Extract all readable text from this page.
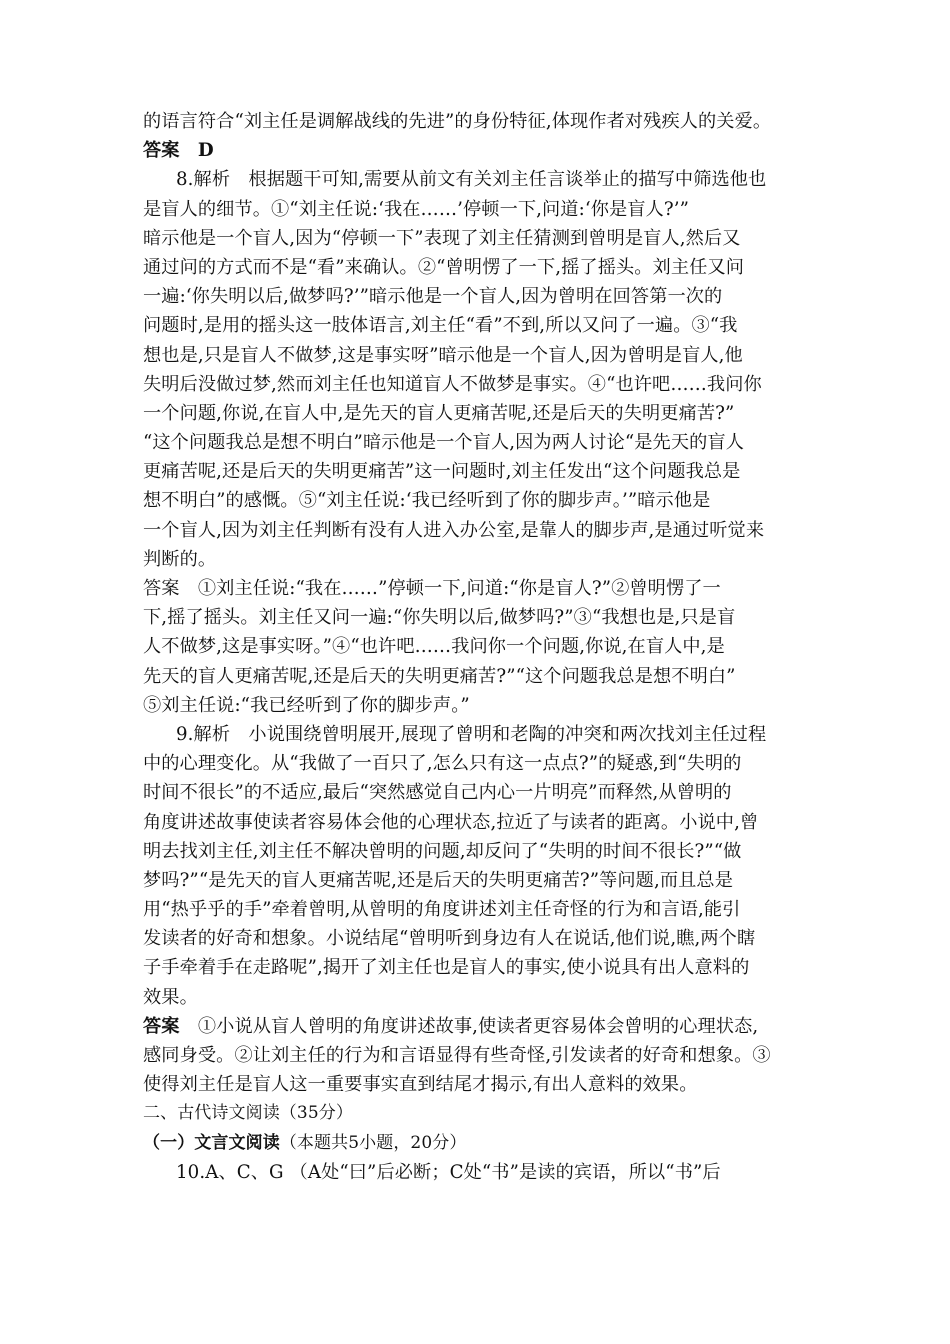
的语言符合“刘主任是调解战线的先进”的身份特征,体现作者对残疾人的关爱。
答案　D
8.解析　根据题干可知,需要从前文有关刘主任言谈举止的描写中筛选他也
是盲人的细节。①“刘主任说:‘我在……’停顿一下,问道:‘你是盲人?’”
暗示他是一个盲人,因为“停顿一下”表现了刘主任猜测到曾明是盲人,然后又
通过问的方式而不是“看”来确认。②“曾明愣了一下,摇了摇头。刘主任又问
一遍:‘你失明以后,做梦吗?’”暗示他是一个盲人,因为曾明在回答第一次的
问题时,是用的摇头这一肢体语言,刘主任“看”不到,所以又问了一遍。③“我
想也是,只是盲人不做梦,这是事实呀”暗示他是一个盲人,因为曾明是盲人,他
失明后没做过梦,然而刘主任也知道盲人不做梦是事实。④“也许吧……我问你
一个问题,你说,在盲人中,是先天的盲人更痛苦呢,还是后天的失明更痛苦?”
“这个问题我总是想不明白”暗示他是一个盲人,因为两人讨论“是先天的盲人
更痛苦呢,还是后天的失明更痛苦”这一问题时,刘主任发出“这个问题我总是
想不明白”的感慨。⑤“刘主任说:‘我已经听到了你的脚步声。’”暗示他是
一个盲人,因为刘主任判断有没有人进入办公室,是靠人的脚步声,是通过听觉来
判断的。
答案　①刘主任说:“我在……”停顿一下,问道:“你是盲人?”②曾明愣了一
下,摇了摇头。刘主任又问一遍:“你失明以后,做梦吗?”③“我想也是,只是盲
人不做梦,这是事实呀。”④“也许吧……我问你一个问题,你说,在盲人中,是
先天的盲人更痛苦呢,还是后天的失明更痛苦?”“这个问题我总是想不明白”
⑤刘主任说:“我已经听到了你的脚步声。”
9.解析　小说围绕曾明展开,展现了曾明和老陶的冲突和两次找刘主任过程
中的心理变化。从“我做了一百只了,怎么只有这一点点?”的疑惑,到“失明的
时间不很长”的不适应,最后“突然感觉自己内心一片明亮”而释然,从曾明的
角度讲述故事使读者容易体会他的心理状态,拉近了与读者的距离。小说中,曾
明去找刘主任,刘主任不解决曾明的问题,却反问了“失明的时间不很长?”“做
梦吗?”“是先天的盲人更痛苦呢,还是后天的失明更痛苦?”等问题,而且总是
用“热乎乎的手”牵着曾明,从曾明的角度讲述刘主任奇怪的行为和言语,能引
发读者的好奇和想象。小说结尾“曾明听到身边有人在说话,他们说,瞧,两个瞎
子手牵着手在走路呢”,揭开了刘主任也是盲人的事实,使小说具有出人意料的
效果。
答案　①小说从盲人曾明的角度讲述故事,使读者更容易体会曾明的心理状态,
感同身受。②让刘主任的行为和言语显得有些奇怪,引发读者的好奇和想象。③
使得刘主任是盲人这一重要事实直到结尾才揭示,有出人意料的效果。
二、古代诗文阅读（35分）
（一）文言文阅读（本题共5小题，20分）
10.A、C、G （A处“曰”后必断；C处“书”是读的宾语，所以“书”后
